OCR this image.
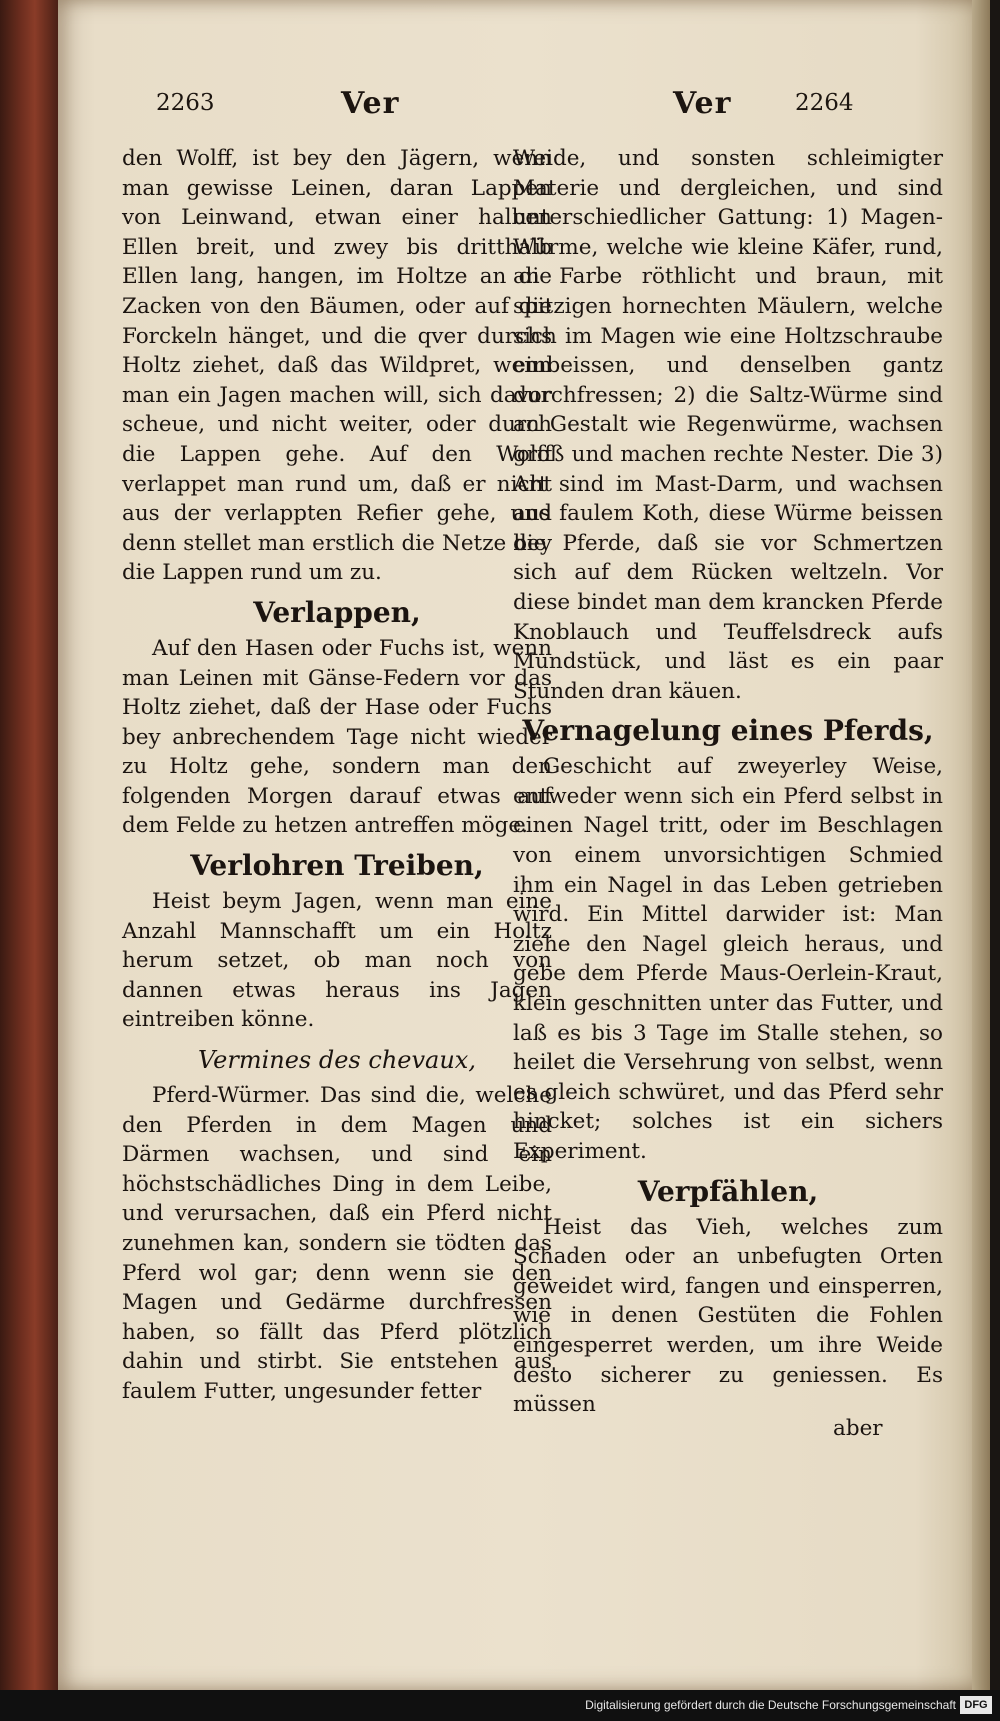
2263	Ver	Ver	2264

den Wolff, ist bey den Jägern, wenn man gewisse Leinen, daran Lappen von Leinwand, etwan einer halben Ellen breit, und zwey bis dritthalb Ellen lang, hangen, im Holtze an die Zacken von den Bäumen, oder auf die Forckeln hänget, und die qver durchs Holtz ziehet, daß das Wildpret, wenn man ein Jagen machen will, sich davor scheue, und nicht weiter, oder durch die Lappen gehe. Auf den Wolff verlappet man rund um, daß er nicht aus der verlappten Refier gehe, und denn stellet man erstlich die Netze bey die Lappen rund um zu.

Verlappen,

Auf den Hasen oder Fuchs ist, wenn man Leinen mit Gänse-Federn vor das Holtz ziehet, daß der Hase oder Fuchs bey anbrechendem Tage nicht wieder zu Holtz gehe, sondern man den folgenden Morgen darauf etwas auf dem Felde zu hetzen antreffen möge.

Verlohren Treiben,

Heist beym Jagen, wenn man eine Anzahl Mannschafft um ein Holtz herum setzet, ob man noch von dannen etwas heraus ins Jagen eintreiben könne.

Vermines des chevaux,

Pferd-Würmer. Das sind die, welche den Pferden in dem Magen und Därmen wachsen, und sind ein höchstschädliches Ding in dem Leibe, und verursachen, daß ein Pferd nicht zunehmen kan, sondern sie tödten das Pferd wol gar; denn wenn sie den Magen und Gedärme durchfressen haben, so fällt das Pferd plötzlich dahin und stirbt. Sie entstehen aus faulem Futter, ungesunder fetter

Weide, und sonsten schleimigter Materie und dergleichen, und sind unterschiedlicher Gattung: 1) Magen-Würme, welche wie kleine Käfer, rund, an Farbe röthlicht und braun, mit spitzigen hornechten Mäulern, welche sich im Magen wie eine Holtzschraube einbeissen, und denselben gantz durchfressen; 2) die Saltz-Würme sind an Gestalt wie Regenwürme, wachsen groß und machen rechte Nester. Die 3) Art sind im Mast-Darm, und wachsen aus faulem Koth, diese Würme beissen die Pferde, daß sie vor Schmertzen sich auf dem Rücken weltzeln. Vor diese bindet man dem krancken Pferde Knoblauch und Teuffelsdreck aufs Mundstück, und läst es ein paar Stunden dran käuen.

Vernagelung eines Pferds,

Geschicht auf zweyerley Weise, entweder wenn sich ein Pferd selbst in einen Nagel tritt, oder im Beschlagen von einem unvorsichtigen Schmied ihm ein Nagel in das Leben getrieben wird. Ein Mittel darwider ist: Man ziehe den Nagel gleich heraus, und gebe dem Pferde Maus-Oerlein-Kraut, klein geschnitten unter das Futter, und laß es bis 3 Tage im Stalle stehen, so heilet die Versehrung von selbst, wenn es gleich schwüret, und das Pferd sehr hincket; solches ist ein sichers Experiment.

Verpfählen,

Heist das Vieh, welches zum Schaden oder an unbefugten Orten geweidet wird, fangen und einsperren, wie in denen Gestüten die Fohlen eingesperret werden, um ihre Weide desto sicherer zu geniessen. Es müssen

aber
Digitalisierung gefördert durch die Deutsche Forschungsgemeinschaft DFG
